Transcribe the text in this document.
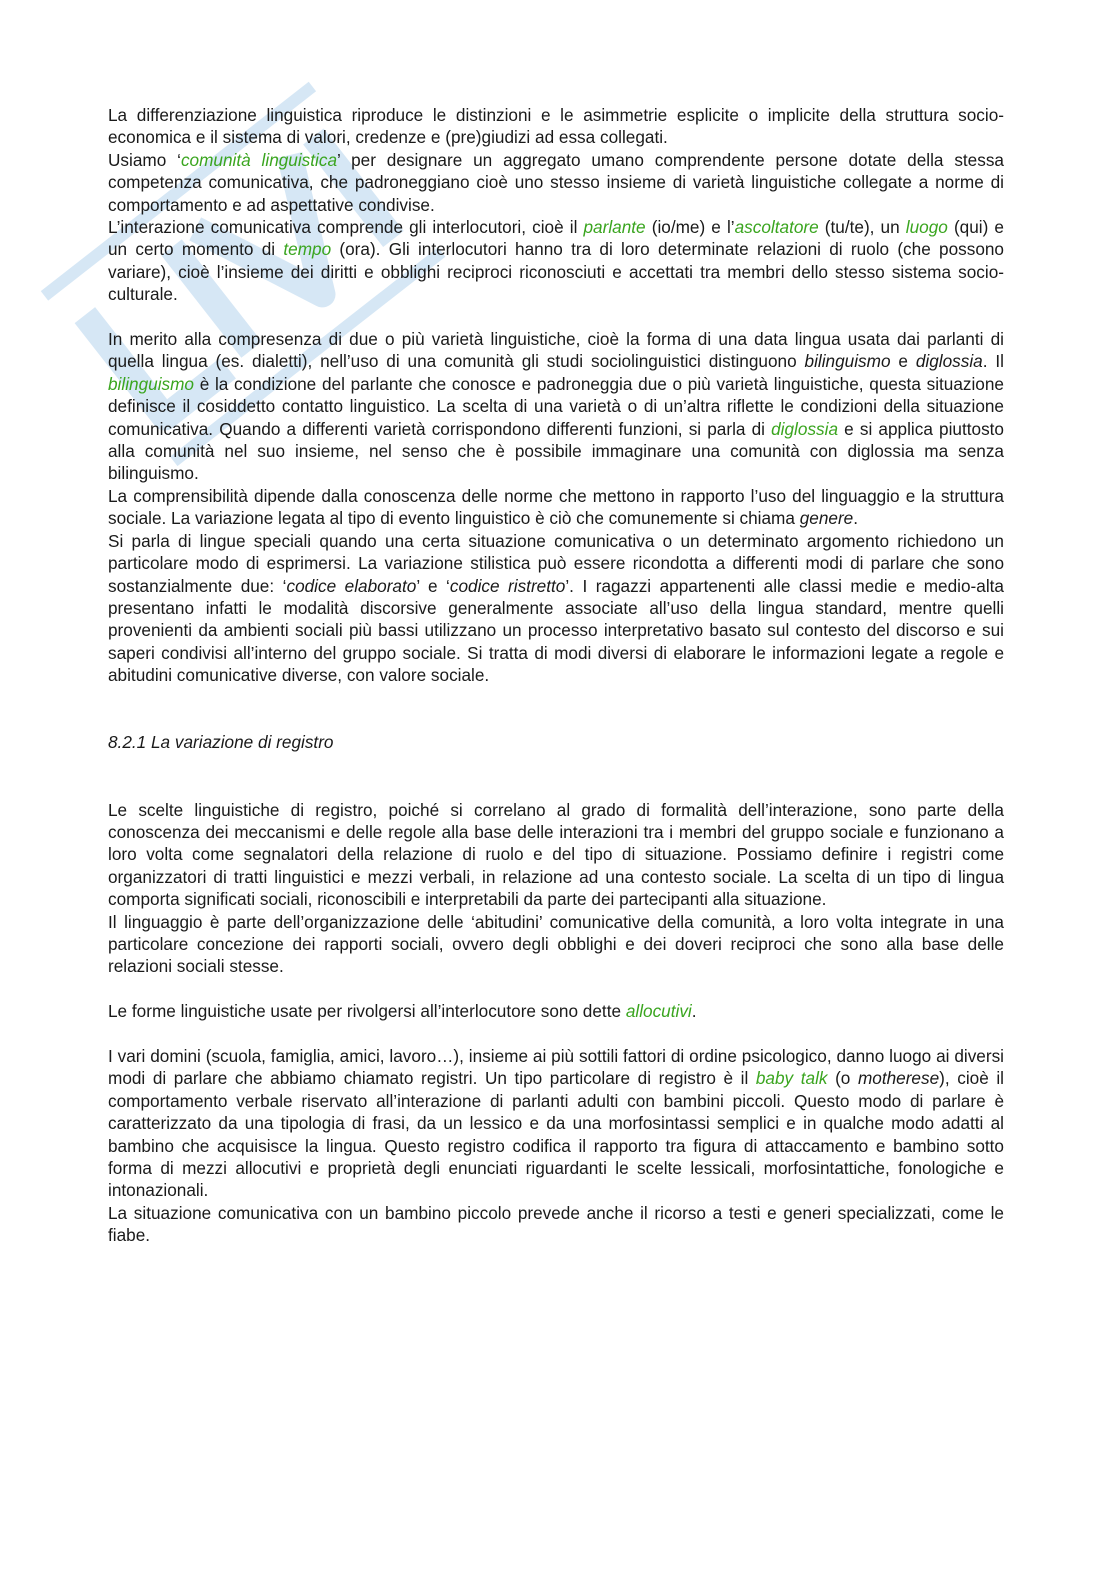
La differenziazione linguistica riproduce le distinzioni e le asimmetrie esplicite o implicite della struttura socio-economica e il sistema di valori, credenze e (pre)giudizi ad essa collegati.

Usiamo ‘comunità linguistica’ per designare un aggregato umano comprendente persone dotate della stessa competenza comunicativa, che padroneggiano cioè uno stesso insieme di varietà linguistiche collegate a norme di comportamento e ad aspettative condivise.

L’interazione comunicativa comprende gli interlocutori, cioè il parlante (io/me) e l’ascoltatore (tu/te), un luogo (qui) e un certo momento di tempo (ora). Gli interlocutori hanno tra di loro determinate relazioni di ruolo (che possono variare), cioè l’insieme dei diritti e obblighi reciproci riconosciuti e accettati tra membri dello stesso sistema socio-culturale.

In merito alla compresenza di due o più varietà linguistiche, cioè la forma di una data lingua usata dai parlanti di quella lingua (es. dialetti), nell’uso di una comunità gli studi sociolinguistici distinguono bilinguismo e diglossia. Il bilinguismo è la condizione del parlante che conosce e padroneggia due o più varietà linguistiche, questa situazione definisce il cosiddetto contatto linguistico. La scelta di una varietà o di un’altra riflette le condizioni della situazione comunicativa. Quando a differenti varietà corrispondono differenti funzioni, si parla di diglossia e si applica piuttosto alla comunità nel suo insieme, nel senso che è possibile immaginare una comunità con diglossia ma senza bilinguismo.

La comprensibilità dipende dalla conoscenza delle norme che mettono in rapporto l’uso del linguaggio e la struttura sociale. La variazione legata al tipo di evento linguistico è ciò che comunemente si chiama genere.

Si parla di lingue speciali quando una certa situazione comunicativa o un determinato argomento richiedono un particolare modo di esprimersi. La variazione stilistica può essere ricondotta a differenti modi di parlare che sono sostanzialmente due: ‘codice elaborato’ e ‘codice ristretto’. I ragazzi appartenenti alle classi medie e medio-alta presentano infatti le modalità discorsive generalmente associate all’uso della lingua standard, mentre quelli provenienti da ambienti sociali più bassi utilizzano un processo interpretativo basato sul contesto del discorso e sui saperi condivisi all’interno del gruppo sociale. Si tratta di modi diversi di elaborare le informazioni legate a regole e abitudini comunicative diverse, con valore sociale.

8.2.1 La variazione di registro

Le scelte linguistiche di registro, poiché si correlano al grado di formalità dell’interazione, sono parte della conoscenza dei meccanismi e delle regole alla base delle interazioni tra i membri del gruppo sociale e funzionano a loro volta come segnalatori della relazione di ruolo e del tipo di situazione. Possiamo definire i registri come organizzatori di tratti linguistici e mezzi verbali, in relazione ad una contesto sociale. La scelta di un tipo di lingua comporta significati sociali, riconoscibili e interpretabili da parte dei partecipanti alla situazione.

Il linguaggio è parte dell’organizzazione delle ‘abitudini’ comunicative della comunità, a loro volta integrate in una particolare concezione dei rapporti sociali, ovvero degli obblighi e dei doveri reciproci che sono alla base delle relazioni sociali stesse.

Le forme linguistiche usate per rivolgersi all’interlocutore sono dette allocutivi.

I vari domini (scuola, famiglia, amici, lavoro…), insieme ai più sottili fattori di ordine psicologico, danno luogo ai diversi modi di parlare che abbiamo chiamato registri. Un tipo particolare di registro è il baby talk (o motherese), cioè il comportamento verbale riservato all’interazione di parlanti adulti con bambini piccoli. Questo modo di parlare è caratterizzato da una tipologia di frasi, da un lessico e da una morfosintassi semplici e in qualche modo adatti al bambino che acquisisce la lingua. Questo registro codifica il rapporto tra figura di attaccamento e bambino sotto forma di mezzi allocutivi e proprietà degli enunciati riguardanti le scelte lessicali, morfosintattiche, fonologiche e intonazionali.

La situazione comunicativa con un bambino piccolo prevede anche il ricorso a testi e generi specializzati, come le fiabe.
